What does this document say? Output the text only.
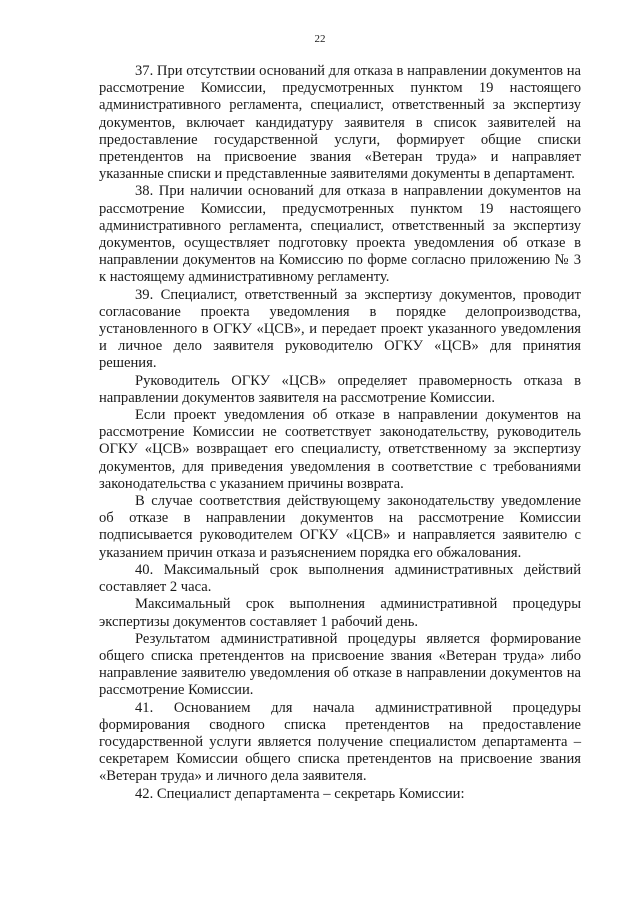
22

37. При отсутствии оснований для отказа в направлении документов на рассмотрение Комиссии, предусмотренных пунктом 19 настоящего административного регламента, специалист, ответственный за экспертизу документов, включает кандидатуру заявителя в список заявителей на предоставление государственной услуги, формирует общие списки претендентов на присвоение звания «Ветеран труда» и направляет указанные списки и представленные заявителями документы в департамент.

38. При наличии оснований для отказа в направлении документов на рассмотрение Комиссии, предусмотренных пунктом 19 настоящего административного регламента, специалист, ответственный за экспертизу документов, осуществляет подготовку проекта уведомления об отказе в направлении документов на Комиссию по форме согласно приложению № 3 к настоящему административному регламенту.

39. Специалист, ответственный за экспертизу документов, проводит согласование проекта уведомления в порядке делопроизводства, установленного в ОГКУ «ЦСВ», и передает проект указанного уведомления и личное дело заявителя руководителю ОГКУ «ЦСВ» для принятия решения.

Руководитель ОГКУ «ЦСВ» определяет правомерность отказа в направлении документов заявителя на рассмотрение Комиссии.

Если проект уведомления об отказе в направлении документов на рассмотрение Комиссии не соответствует законодательству, руководитель ОГКУ «ЦСВ» возвращает его специалисту, ответственному за экспертизу документов, для приведения уведомления в соответствие с требованиями законодательства с указанием причины возврата.

В случае соответствия действующему законодательству уведомление об отказе в направлении документов на рассмотрение Комиссии подписывается руководителем ОГКУ «ЦСВ» и направляется заявителю с указанием причин отказа и разъяснением порядка его обжалования.

40. Максимальный срок выполнения административных действий составляет 2 часа.

Максимальный срок выполнения административной процедуры экспертизы документов составляет 1 рабочий день.

Результатом административной процедуры является формирование общего списка претендентов на присвоение звания «Ветеран труда» либо направление заявителю уведомления об отказе в направлении документов на рассмотрение Комиссии.

41. Основанием для начала административной процедуры формирования сводного списка претендентов на предоставление государственной услуги является получение специалистом департамента – секретарем Комиссии общего списка претендентов на присвоение звания «Ветеран труда» и личного дела заявителя.

42. Специалист департамента – секретарь Комиссии:
